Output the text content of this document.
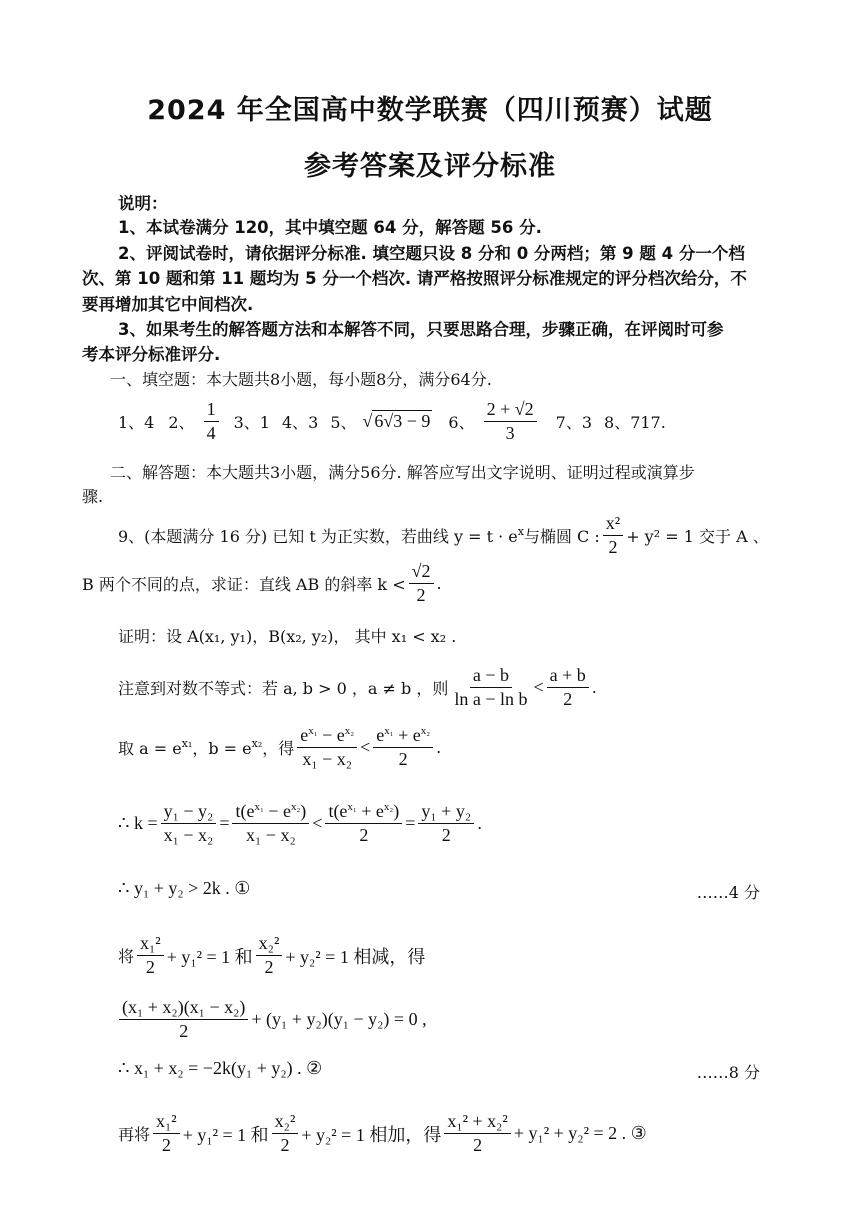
2024 年全国高中数学联赛（四川预赛）试题
参考答案及评分标准
说明：
1、本试卷满分 120，其中填空题 64 分，解答题 56 分.
2、评阅试卷时，请依据评分标准. 填空题只设 8 分和 0 分两档；第 9 题 4 分一个档
次、第 10 题和第 11 题均为 5 分一个档次. 请严格按照评分标准规定的评分档次给分，不
要再增加其它中间档次.
3、如果考生的解答题方法和本解答不同，只要思路合理，步骤正确，在评阅时可参
考本评分标准评分.
一、填空题：本大题共8小题，每小题8分，满分64分.
1、4 2、 $\frac{1}{4} 3$、1 4、3 5、 √ 6√3 − 9 6、 $\frac{2 + √2}{3} 7$、3 8、717.
二、解答题：本大题共3小题，满分56分. 解答应写出文字说明、证明过程或演算步
骤.
9、(本题满分 16 分) 已知 t 为正实数，若曲线 $y = t \cdot e^x$ 与椭圆 C : $\frac{\text{x²}}{2} + y^2 = 1$ 交于 A 、
B 两个不同的点，求证：直线 AB 的斜率 $k < \frac{√2}{2}$ .
证明：设 A(x₁, y₁)，B(x₂, y₂)， 其中 x₁ < x₂ .
注意到对数不等式：若 a, b > 0 ，a ≠ b ，则 $\frac{a - b}{\text{ln a − ln b}} < \frac{a + b}{2}$ .
取 $a = e^{x_1}$ ，$b = e^{x_2}$ ，得 $\frac{e^{x_1} - e^{x_2}}{\text{x₁ − x₂}} < \frac{e^{x_1} + e^{x_2}}{2}$ .
∴ $k = \frac{\text{y₁ − y₂}}{\text{x₁ − x₂}} = \frac{t(e^{x_1} - e^{x_2})}{\text{x₁ − x₂}} < \frac{t(e^{x_1} + e^{x_2})}{2} = \frac{\text{y₁ + y₂}}{2}$ .
∴ y₁ + y₂ > 2k . ①	……4 分
将 $\frac{\text{x₁²}}{2} + y_1^2 = 1$ 和 $\frac{\text{x₂²}}{2} + y_2^2 = 1$ 相减，得
$\frac{\text{(x₁ + x₂)(x₁ − x₂)}}{2} + (y_1 + y_2)(y_1 - y_2) = 0$ ,
∴ x₁ + x₂ = −2k(y₁ + y₂) . ②	……8 分
再将 $\frac{\text{x₁²}}{2} + y_1^2 = 1$ 和 $\frac{\text{x₂²}}{2} + y_2^2 = 1$ 相加，得 $\frac{\text{x₁² + x₂²}}{2} + y_1^2 + y_2^2 = 2$ . ③
